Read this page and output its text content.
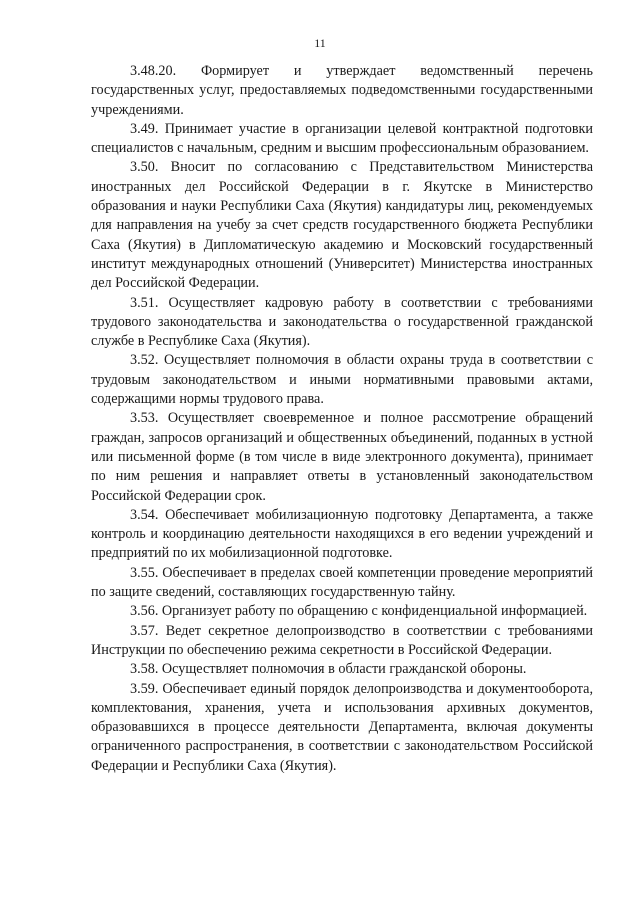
11

3.48.20. Формирует и утверждает ведомственный перечень государственных услуг, предоставляемых подведомственными государственными учреждениями.

3.49. Принимает участие в организации целевой контрактной подготовки специалистов с начальным, средним и высшим профессиональным образованием.

3.50. Вносит по согласованию с Представительством Министерства иностранных дел Российской Федерации в г. Якутске в Министерство образования и науки Республики Саха (Якутия) кандидатуры лиц, рекомендуемых для направления на учебу за счет средств государственного бюджета Республики Саха (Якутия) в Дипломатическую академию и Московский государственный институт международных отношений (Университет) Министерства иностранных дел Российской Федерации.

3.51. Осуществляет кадровую работу в соответствии с требованиями трудового законодательства и законодательства о государственной гражданской службе в Республике Саха (Якутия).

3.52. Осуществляет полномочия в области охраны труда в соответствии с трудовым законодательством и иными нормативными правовыми актами, содержащими нормы трудового права.

3.53. Осуществляет своевременное и полное рассмотрение обращений граждан, запросов организаций и общественных объединений, поданных в устной или письменной форме (в том числе в виде электронного документа), принимает по ним решения и направляет ответы в установленный законодательством Российской Федерации срок.

3.54. Обеспечивает мобилизационную подготовку Департамента, а также контроль и координацию деятельности находящихся в его ведении учреждений и предприятий по их мобилизационной подготовке.

3.55. Обеспечивает в пределах своей компетенции проведение мероприятий по защите сведений, составляющих государственную тайну.

3.56. Организует работу по обращению с конфиденциальной информацией.

3.57. Ведет секретное делопроизводство в соответствии с требованиями Инструкции по обеспечению режима секретности в Российской Федерации.

3.58. Осуществляет полномочия в области гражданской обороны.

3.59. Обеспечивает единый порядок делопроизводства и документооборота, комплектования, хранения, учета и использования архивных документов, образовавшихся в процессе деятельности Департамента, включая документы ограниченного распространения, в соответствии с законодательством Российской Федерации и Республики Саха (Якутия).
